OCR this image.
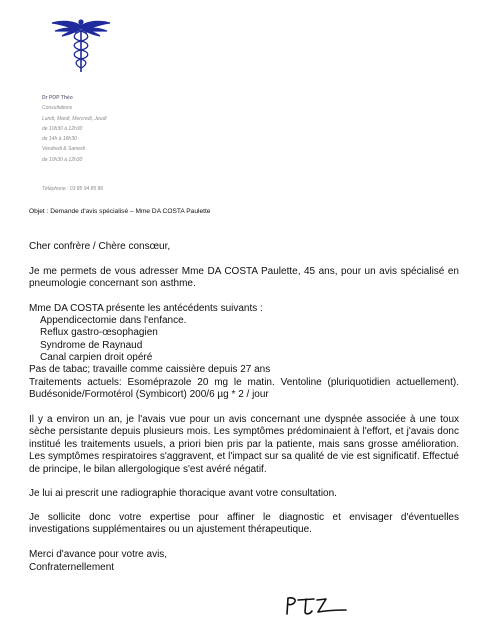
Dr POP Théo
Consultations
Lundi, Mardi, Mercredi, Jeudi
de 10h30 à 12h30
de 14h à 18h30
Vendredi & Samedi
de 10h30 à 12h30
Téléphone : 03 85 94 85 86
Objet : Demande d'avis spécialisé – Mme DA COSTA Paulette
Cher confrère / Chère consœur,
Je me permets de vous adresser Mme DA COSTA Paulette, 45 ans, pour un avis spécialisé en pneumologie concernant son asthme.
Mme DA COSTA présente les antécédents suivants :
Appendicectomie dans l'enfance.
Reflux gastro-œsophagien
Syndrome de Raynaud
Canal carpien droit opéré
Pas de tabac; travaille comme caissière depuis 27 ans
Traitements actuels: Esoméprazole 20 mg le matin. Ventoline (pluriquotidien actuellement). Budésonide/Formotérol (Symbicort) 200/6 µg * 2 / jour
Il y a environ un an, je l'avais vue pour un avis concernant une dyspnée associée à une toux sèche persistante depuis plusieurs mois. Les symptômes prédominaient à l'effort, et j'avais donc institué les traitements usuels, a priori bien pris par la patiente, mais sans grosse amélioration. Les symptômes respiratoires s'aggravent, et l'impact sur sa qualité de vie est significatif. Effectué de principe, le bilan allergologique s'est avéré négatif.
Je lui ai prescrit une radiographie thoracique avant votre consultation.
Je sollicite donc votre expertise pour affiner le diagnostic et envisager d'éventuelles investigations supplémentaires ou un ajustement thérapeutique.
Merci d'avance pour votre avis,
Confraternellement
